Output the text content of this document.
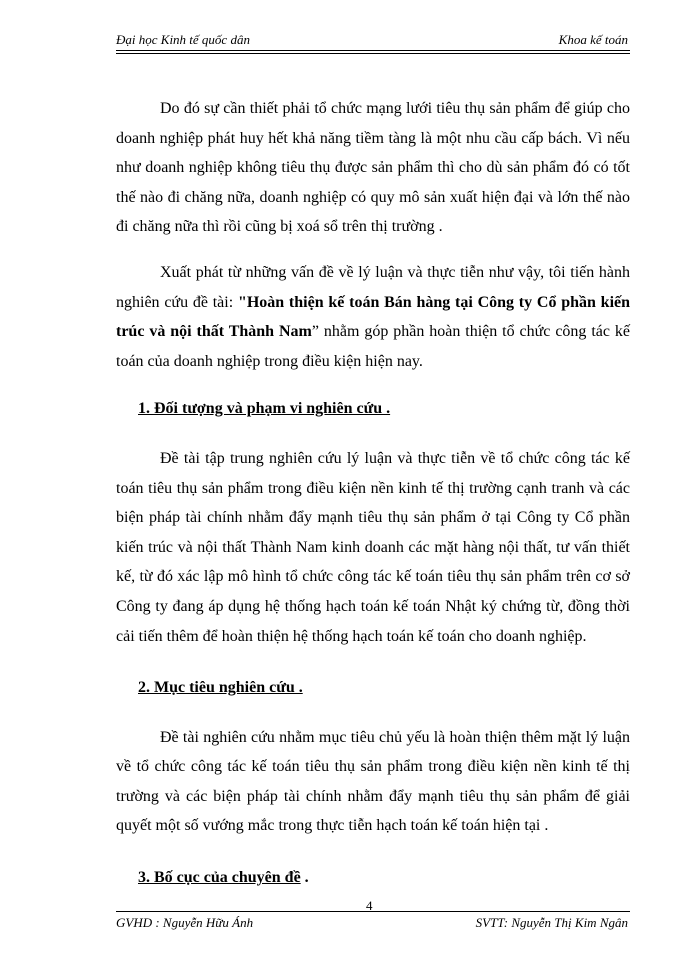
Đại học Kinh tế quốc dân	Khoa kế toán

Do đó sự cần thiết phải tổ chức mạng lưới tiêu thụ sản phẩm để giúp cho doanh nghiệp phát huy hết khả năng tiềm tàng là một nhu cầu cấp bách. Vì nếu như doanh nghiệp không tiêu thụ được sản phẩm thì cho dù sản phẩm đó có tốt thế nào đi chăng nữa, doanh nghiệp có quy mô sản xuất hiện đại và lớn thế nào đi chăng nữa thì rồi cũng bị xoá sổ trên thị trường .

Xuất phát từ những vấn đề về lý luận và thực tiễn như vậy, tôi tiến hành nghiên cứu đề tài: "Hoàn thiện kế toán Bán hàng tại Công ty Cổ phần kiến trúc và nội thất Thành Nam” nhằm góp phần hoàn thiện tổ chức công tác kế toán của doanh nghiệp trong điều kiện hiện nay.

1. Đối tượng và phạm vi nghiên cứu .

Đề tài tập trung nghiên cứu lý luận và thực tiễn về tổ chức công tác kế toán tiêu thụ sản phẩm trong điều kiện nền kinh tế thị trường cạnh tranh và các biện pháp tài chính nhằm đẩy mạnh tiêu thụ sản phẩm ở tại Công ty Cổ phần kiến trúc và nội thất Thành Nam kinh doanh các mặt hàng nội thất, tư vấn thiết kế, từ đó xác lập mô hình tổ chức công tác kế toán tiêu thụ sản phẩm trên cơ sở Công ty đang áp dụng hệ thống hạch toán kế toán Nhật ký chứng từ, đồng thời cải tiến thêm để hoàn thiện hệ thống hạch toán kế toán cho doanh nghiệp.

2. Mục tiêu nghiên cứu .

Đề tài nghiên cứu nhằm mục tiêu chủ yếu là hoàn thiện thêm mặt lý luận về tổ chức công tác kế toán tiêu thụ sản phẩm trong điều kiện nền kinh tế thị trường và các biện pháp tài chính nhằm đẩy mạnh tiêu thụ sản phẩm để giải quyết một số vướng mắc trong thực tiễn hạch toán kế toán hiện tại .

3. Bố cục của chuyên đề .

4
GVHD : Nguyễn Hữu Ánh	SVTT: Nguyễn Thị Kim Ngân
